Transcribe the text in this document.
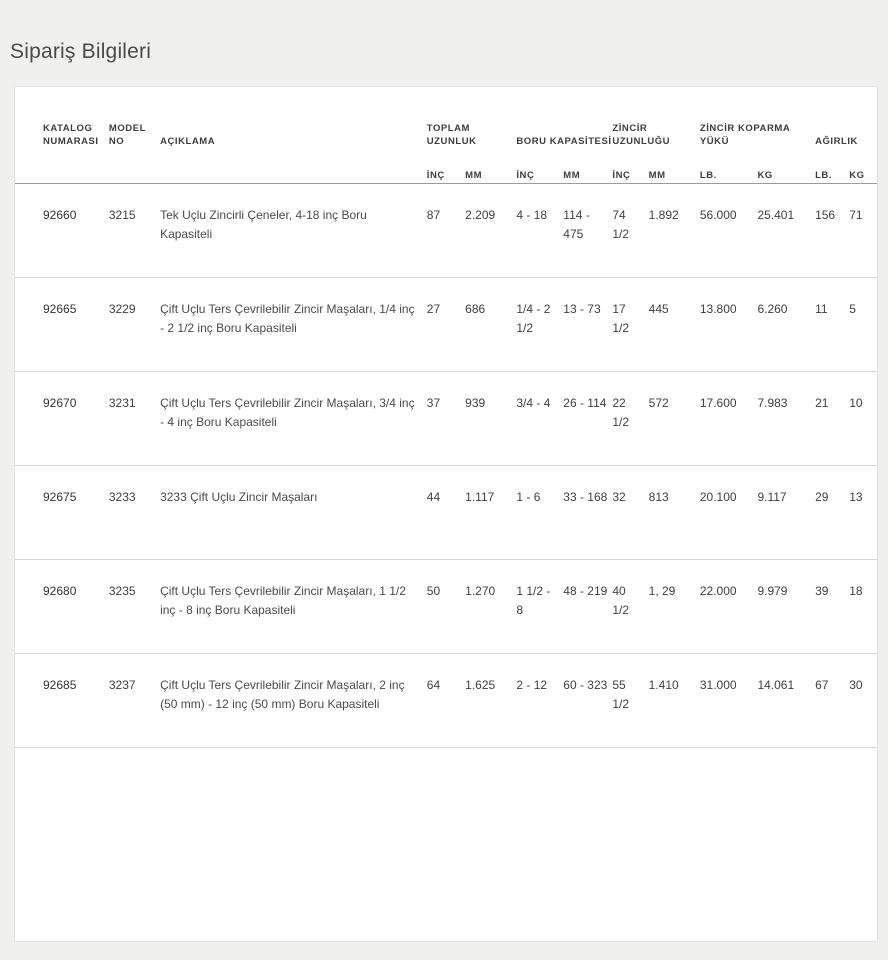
Sipariş Bilgileri
KATALOG NUMARASI	MODEL NO	AÇIKLAMA	TOPLAM UZUNLUK		BORU KAPASİTESİ		ZİNCİR UZUNLUĞU		ZİNCİR KOPARMA YÜKÜ		AĞIRLIK	
			İNÇ	MM	İNÇ	MM	İNÇ	MM	LB.	KG	LB.	KG
92660	3215	Tek Uçlu Zincirli Çeneler, 4-18 inç Boru Kapasiteli	87	2.209	4 - 18	114 - 475	74 1/2	1.892	56.000	25.401	156	71
92665	3229	Çift Uçlu Ters Çevrilebilir Zincir Maşaları, 1/4 inç - 2 1/2 inç Boru Kapasiteli	27	686	1/4 - 2 1/2	13 - 73	17 1/2	445	13.800	6.260	11	5
92670	3231	Çift Uçlu Ters Çevrilebilir Zincir Maşaları, 3/4 inç - 4 inç Boru Kapasiteli	37	939	3/4 - 4	26 - 114	22 1/2	572	17.600	7.983	21	10
92675	3233	3233 Çift Uçlu Zincir Maşaları	44	1.117	1 - 6	33 - 168	32	813	20.100	9.117	29	13
92680	3235	Çift Uçlu Ters Çevrilebilir Zincir Maşaları, 1 1/2 inç - 8 inç Boru Kapasiteli	50	1.270	1 1/2 - 8	48 - 219	40 1/2	1, 29	22.000	9.979	39	18
92685	3237	Çift Uçlu Ters Çevrilebilir Zincir Maşaları, 2 inç (50 mm) - 12 inç (50 mm) Boru Kapasiteli	64	1.625	2 - 12	60 - 323	55 1/2	1.410	31.000	14.061	67	30
